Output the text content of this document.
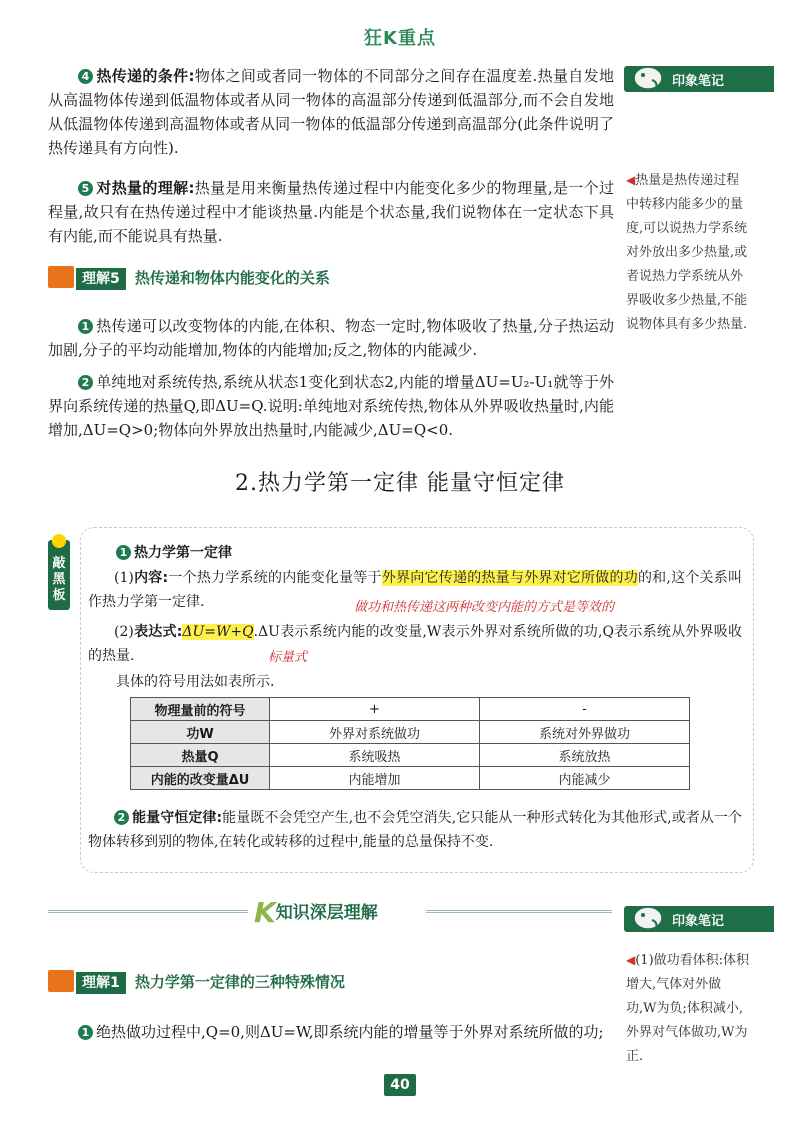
狂K重点
印象笔记
4 热传递的条件:物体之间或者同一物体的不同部分之间存在温度差.热量自发地从高温物体传递到低温物体或者从同一物体的高温部分传递到低温部分,而不会自发地从低温物体传递到高温物体或者从同一物体的低温部分传递到高温部分(此条件说明了热传递具有方向性).
5 对热量的理解:热量是用来衡量热传递过程中内能变化多少的物理量,是一个过程量,故只有在热传递过程中才能谈热量.内能是个状态量,我们说物体在一定状态下具有内能,而不能说具有热量.
◀热量是热传递过程中转移内能多少的量度,可以说热力学系统对外放出多少热量,或者说热力学系统从外界吸收多少热量,不能说物体具有多少热量.
理解5 热传递和物体内能变化的关系
1 热传递可以改变物体的内能,在体积、物态一定时,物体吸收了热量,分子热运动加剧,分子的平均动能增加,物体的内能增加;反之,物体的内能减少.
2 单纯地对系统传热,系统从状态1变化到状态2,内能的增量ΔU=U₂-U₁就等于外界向系统传递的热量Q,即ΔU=Q.说明:单纯地对系统传热,物体从外界吸收热量时,内能增加,ΔU=Q>0;物体向外界放出热量时,内能减少,ΔU=Q<0.
2.热力学第一定律 能量守恒定律
敲黑板
1 热力学第一定律
(1)内容:一个热力学系统的内能变化量等于外界向它传递的热量与外界对它所做的功的和,这个关系叫作热力学第一定律.	做功和热传递这两种改变内能的方式是等效的
(2)表达式:ΔU=W+Q.ΔU表示系统内能的改变量,W表示外界对系统所做的功,Q表示系统从外界吸收的热量.	标量式
具体的符号用法如表所示.
物理量前的符号	+	-
功W	外界对系统做功	系统对外界做功
热量Q	系统吸热	系统放热
内能的改变量ΔU	内能增加	内能减少
2 能量守恒定律:能量既不会凭空产生,也不会凭空消失,它只能从一种形式转化为其他形式,或者从一个物体转移到别的物体,在转化或转移的过程中,能量的总量保持不变.
K知识深层理解	印象笔记
理解1 热力学第一定律的三种特殊情况
1 绝热做功过程中,Q=0,则ΔU=W,即系统内能的增量等于外界对系统所做的功;
◀(1)做功看体积:体积增大,气体对外做功,W为负;体积减小,外界对气体做功,W为正.
40
